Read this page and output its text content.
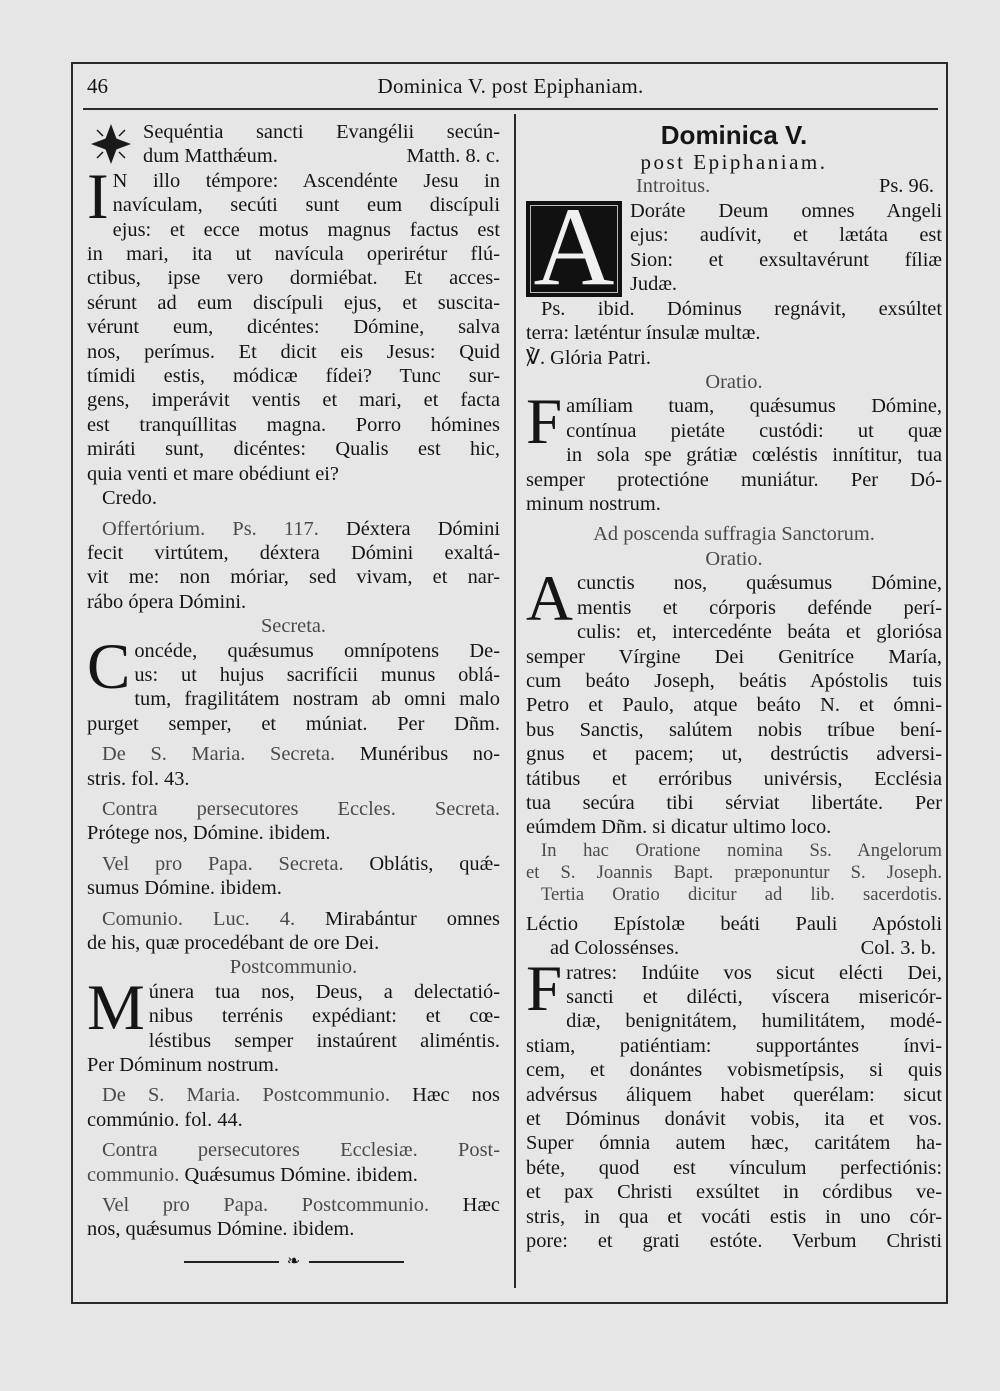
46	Dominica V. post Epiphaniam.
Sequéntia sancti Evangélii secún-
dum Matthǽum.	Matth. 8. c.
I N illo témpore: Ascendénte Jesu in
navículam, secúti sunt eum discípuli
ejus: et ecce motus magnus factus est
in mari, ita ut navícula operirétur flú-
ctibus, ipse vero dormiébat. Et acces-
sérunt ad eum discípuli ejus, et suscita-
vérunt eum, dicéntes: Dómine, salva
nos, perímus. Et dicit eis Jesus: Quid
tímidi estis, módicæ fídei? Tunc sur-
gens, imperávit ventis et mari, et facta
est tranquíllitas magna. Porro hómines
miráti sunt, dicéntes: Qualis est hic,
quia venti et mare obédiunt ei?
Credo.
Offertórium. Ps. 117. Déxtera Dómini
fecit virtútem, déxtera Dómini exaltá-
vit me: non móriar, sed vivam, et nar-
rábo ópera Dómini.
Secreta.
C oncéde, quǽsumus omnípotens De-
us: ut hujus sacrifícii munus oblá-
tum, fragilitátem nostram ab omni malo
purget semper, et múniat. Per Dñm.
De S. Maria. Secreta. Munéribus no-
stris. fol. 43.
Contra persecutores Eccles. Secreta.
Prótege nos, Dómine. ibidem.
Vel pro Papa. Secreta. Oblátis, quǽ-
sumus Dómine. ibidem.
Comunio. Luc. 4. Mirabántur omnes
de his, quæ procedébant de ore Dei.
Postcommunio.
M únera tua nos, Deus, a delectatió-
nibus terrénis expédiant: et cœ-
léstibus semper instaúrent aliméntis.
Per Dóminum nostrum.
De S. Maria. Postcommunio. Hæc nos
commúnio. fol. 44.
Contra persecutores Ecclesiæ. Post-
communio. Quǽsumus Dómine. ibidem.
Vel pro Papa. Postcommunio. Hæc
nos, quǽsumus Dómine. ibidem.
❧
Dominica V.
post Epiphaniam.
Introitus.	Ps. 96.
A Doráte Deum omnes Angeli
ejus: audívit, et lætáta est
Sion: et exsultavérunt fíliæ
Judæ.
Ps. ibid. Dóminus regnávit, exsúltet
terra: læténtur ínsulæ multæ.
℣. Glória Patri.
Oratio.
F amíliam tuam, quǽsumus Dómine,
contínua pietáte custódi: ut quæ
in sola spe grátiæ cœléstis innítitur, tua
semper protectióne muniátur. Per Dó-
minum nostrum.
Ad poscenda suffragia Sanctorum.
Oratio.
A cunctis nos, quǽsumus Dómine,
mentis et córporis defénde perí-
culis: et, intercedénte beáta et gloriósa
semper Vírgine Dei Genitríce María,
cum beáto Joseph, beátis Apóstolis tuis
Petro et Paulo, atque beáto N. et ómni-
bus Sanctis, salútem nobis tríbue bení-
gnus et pacem; ut, destrúctis adversi-
tátibus et erróribus univérsis, Ecclésia
tua secúra tibi sérviat libertáte. Per
eúmdem Dñm. si dicatur ultimo loco.
In hac Oratione nomina Ss. Angelorum
et S. Joannis Bapt. præponuntur S. Joseph.
Tertia Oratio dicitur ad lib. sacerdotis.
Léctio Epístolæ beáti Pauli Apóstoli
ad Colossénses.	Col. 3. b.
F ratres: Indúite vos sicut elécti Dei,
sancti et dilécti, víscera misericór-
diæ, benignitátem, humilitátem, modé-
stiam, patiéntiam: supportántes ínvi-
cem, et donántes vobismetípsis, si quis
advérsus áliquem habet querélam: sicut
et Dóminus donávit vobis, ita et vos.
Super ómnia autem hæc, caritátem ha-
béte, quod est vínculum perfectiónis:
et pax Christi exsúltet in córdibus ve-
stris, in qua et vocáti estis in uno cór-
pore: et grati estóte. Verbum Christi
